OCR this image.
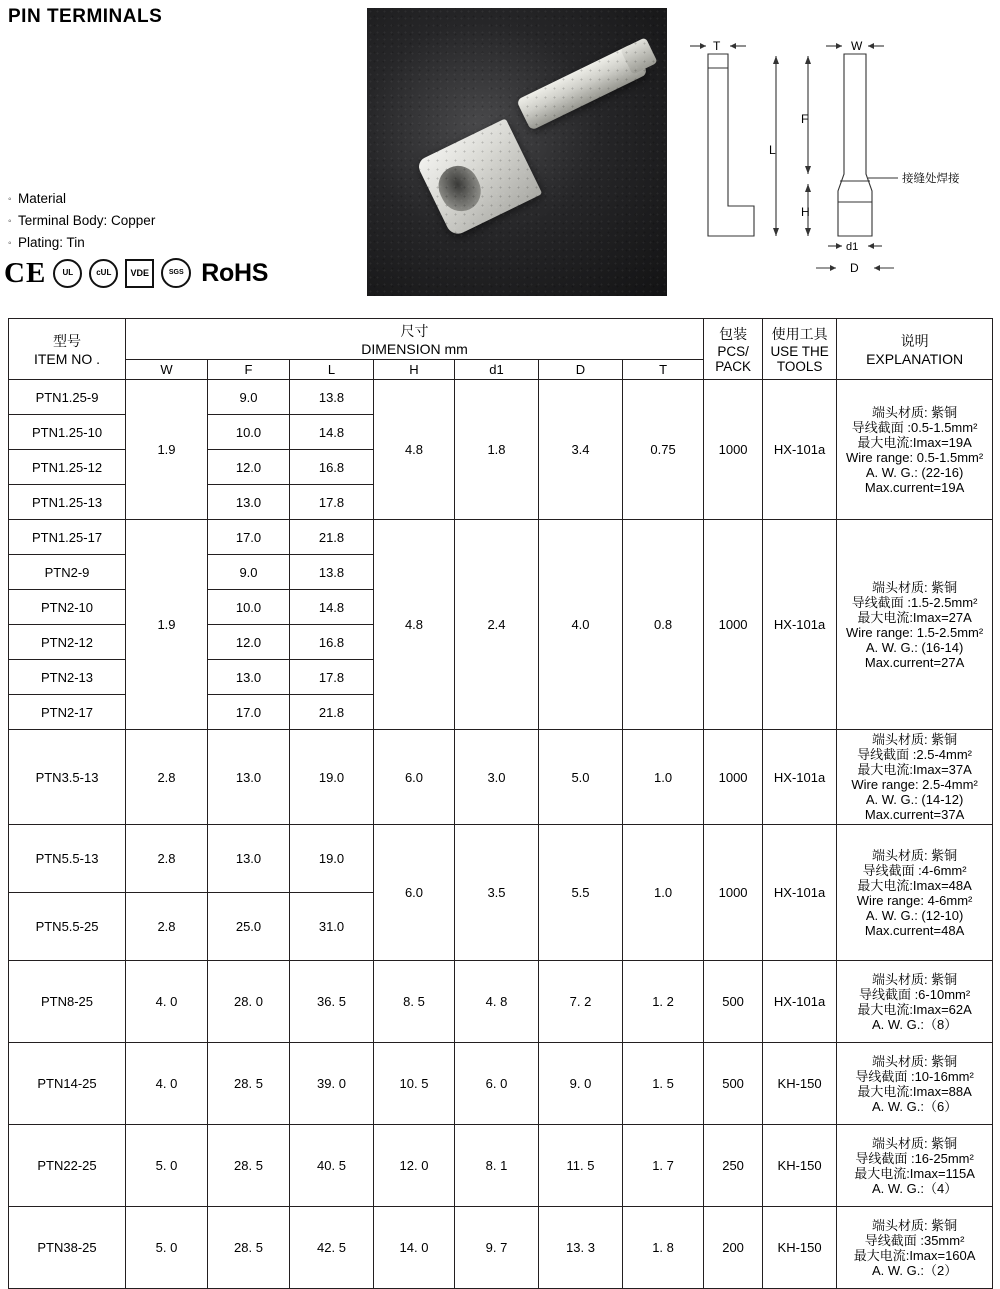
PIN TERMINALS
◦ Material
◦ Terminal Body: Copper
◦ Plating: Tin
CE	UL	cUL	VDE	SGS RoHS
T	W
F
L
H
d1
D
接缝处焊接
型号
ITEM NO .

尺寸
DIMENSION mm

包装
PCS/
PACK

使用工具
USE THE
TOOLS

说明
EXPLANATION

	W	F	L	H	d1	D	T			
PTN1.25-9	1.9	9.0	13.8	4.8	1.8	3.4	0.75	1000	HX-101a	
端头材质: 紫铜
导线截面 :0.5-1.5mm²
最大电流:Imax=19A
Wire range: 0.5-1.5mm²
A. W. G.: (22-16)
Max.current=19A

PTN1.25-10		10.0	14.8							
PTN1.25-12		12.0	16.8							
PTN1.25-13		13.0	17.8							
PTN1.25-17	1.9	17.0	21.8	4.8	2.4	4.0	0.8	1000	HX-101a	
端头材质: 紫铜
导线截面 :1.5-2.5mm²
最大电流:Imax=27A
Wire range: 1.5-2.5mm²
A. W. G.: (16-14)
Max.current=27A

PTN2-9		9.0	13.8							
PTN2-10		10.0	14.8							
PTN2-12		12.0	16.8							
PTN2-13		13.0	17.8							
PTN2-17		17.0	21.8							
PTN3.5-13	2.8	13.0	19.0	6.0	3.0	5.0	1.0	1000	HX-101a	
端头材质: 紫铜
导线截面 :2.5-4mm²
最大电流:Imax=37A
Wire range: 2.5-4mm²
A. W. G.: (14-12)
Max.current=37A

PTN5.5-13	2.8	13.0	19.0	6.0	3.5	5.5	1.0	1000	HX-101a	
端头材质: 紫铜
导线截面 :4-6mm²
最大电流:Imax=48A
Wire range: 4-6mm²
A. W. G.: (12-10)
Max.current=48A

PTN5.5-25	2.8	25.0	31.0							
PTN8-25	4. 0	28. 0	36. 5	8. 5	4. 8	7. 2	1. 2	500	HX-101a	端头材质: 紫铜
导线截面 :6-10mm²
最大电流:Imax=62A
A. W. G.:（8）

PTN14-25	4. 0	28. 5	39. 0	10. 5	6. 0	9. 0	1. 5	500	KH-150	端头材质: 紫铜
导线截面 :10-16mm²
最大电流:Imax=88A
A. W. G.:（6）

PTN22-25	5. 0	28. 5	40. 5	12. 0	8. 1	11. 5	1. 7	250	KH-150	端头材质: 紫铜
导线截面 :16-25mm²
最大电流:Imax=115A
A. W. G.:（4）

PTN38-25	5. 0	28. 5	42. 5	14. 0	9. 7	13. 3	1. 8	200	KH-150	端头材质: 紫铜
导线截面 :35mm²
最大电流:Imax=160A
A. W. G.:（2）
